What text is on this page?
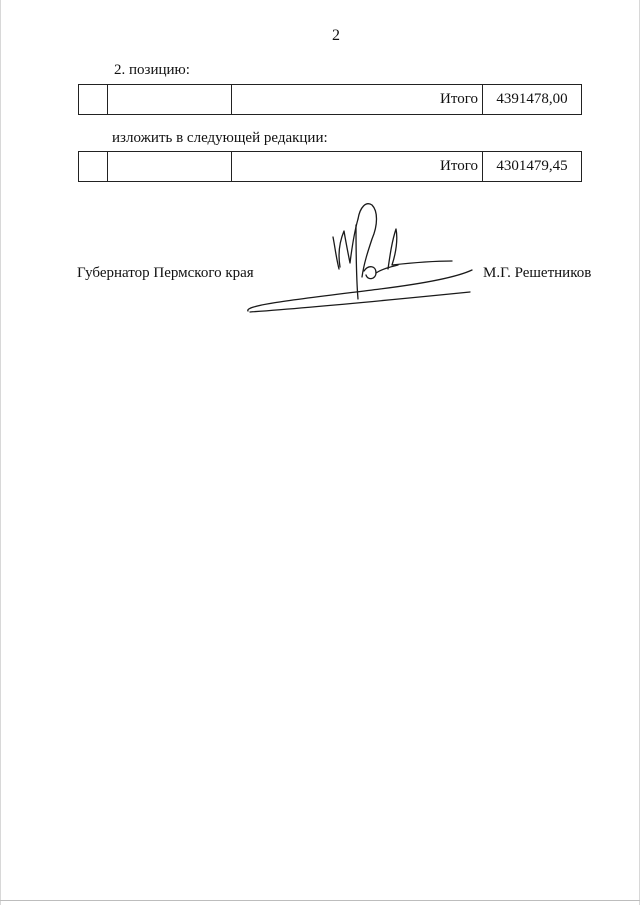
2
2. позицию:
		Итого	4391478,00
изложить в следующей редакции:
		Итого	4301479,45
Губернатор Пермского края	М.Г. Решетников
